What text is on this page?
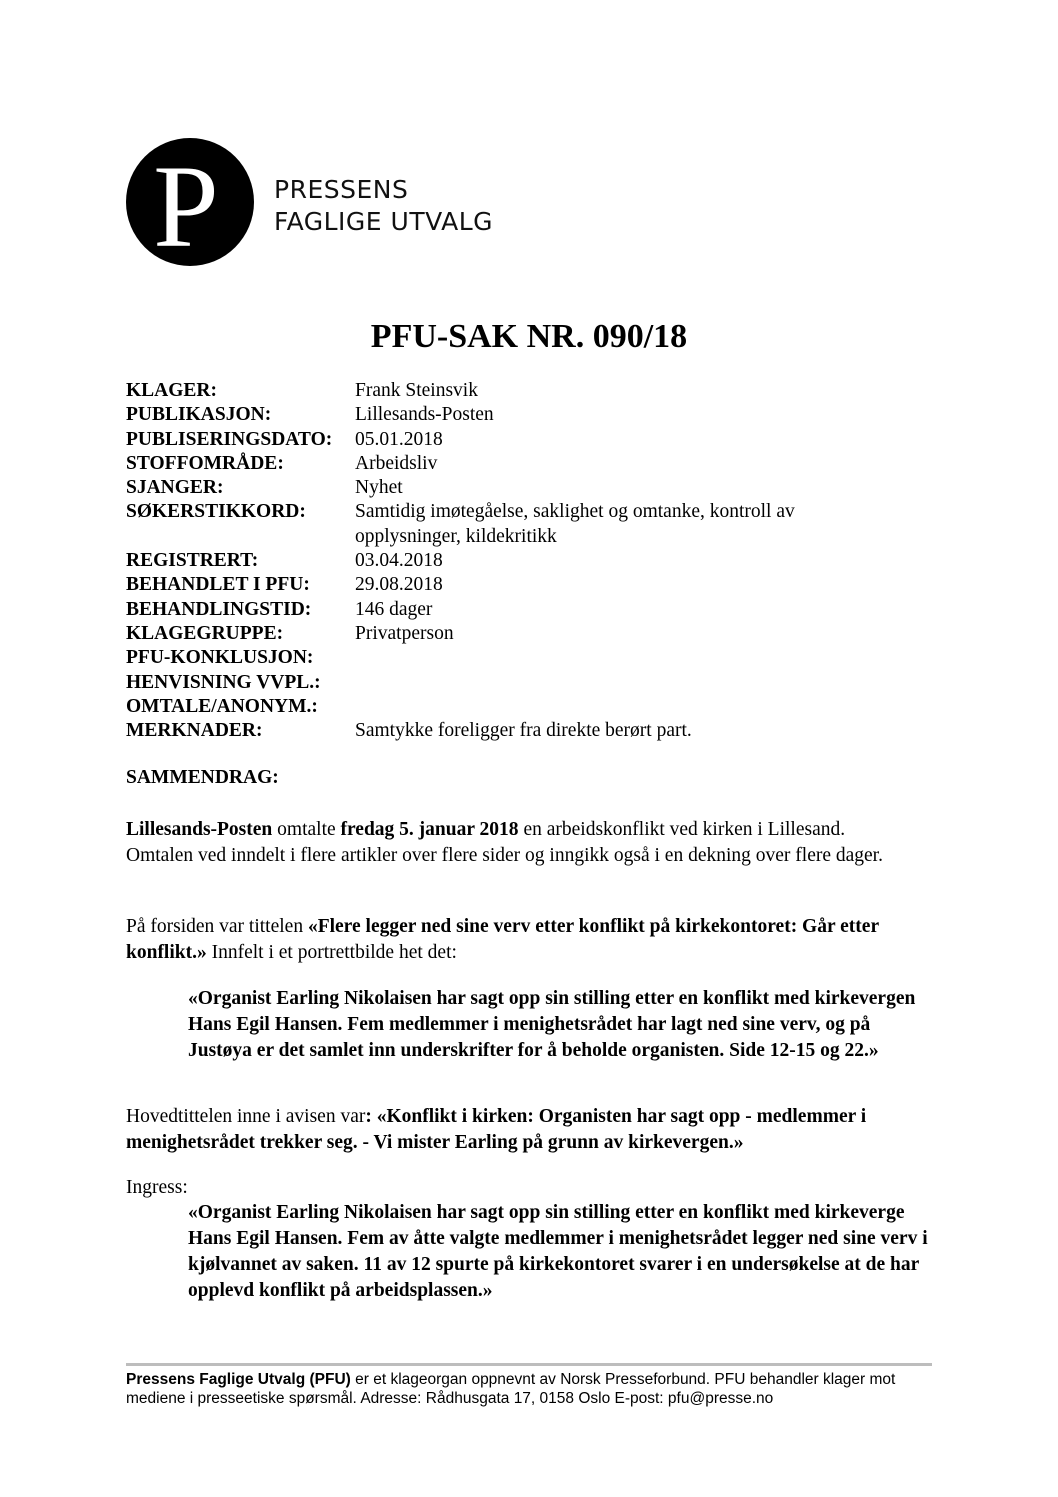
P PRESSENS
FAGLIGE UTVALG
PFU-SAK NR. 090/18
KLAGER:	Frank Steinsvik
PUBLIKASJON:	Lillesands-Posten
PUBLISERINGSDATO:	05.01.2018
STOFFOMRÅDE:	Arbeidsliv
SJANGER:	Nyhet
SØKERSTIKKORD:	Samtidig imøtegåelse, saklighet og omtanke, kontroll av opplysninger, kildekritikk
REGISTRERT:	03.04.2018
BEHANDLET I PFU:	29.08.2018
BEHANDLINGSTID:	146 dager
KLAGEGRUPPE:	Privatperson
PFU-KONKLUSJON:
HENVISNING VVPL.:
OMTALE/ANONYM.:
MERKNADER:	Samtykke foreligger fra direkte berørt part.
SAMMENDRAG:
Lillesands-Posten omtalte fredag 5. januar 2018 en arbeidskonflikt ved kirken i Lillesand. Omtalen ved inndelt i flere artikler over flere sider og inngikk også i en dekning over flere dager.
På forsiden var tittelen «Flere legger ned sine verv etter konflikt på kirkekontoret: Går etter konflikt.» Innfelt i et portrettbilde het det:
«Organist Earling Nikolaisen har sagt opp sin stilling etter en konflikt med kirkevergen Hans Egil Hansen. Fem medlemmer i menighetsrådet har lagt ned sine verv, og på Justøya er det samlet inn underskrifter for å beholde organisten. Side 12-15 og 22.»
Hovedtittelen inne i avisen var: «Konflikt i kirken: Organisten har sagt opp - medlemmer i menighetsrådet trekker seg. - Vi mister Earling på grunn av kirkevergen.»
Ingress:
«Organist Earling Nikolaisen har sagt opp sin stilling etter en konflikt med kirkeverge Hans Egil Hansen. Fem av åtte valgte medlemmer i menighetsrådet legger ned sine verv i kjølvannet av saken. 11 av 12 spurte på kirkekontoret svarer i en undersøkelse at de har opplevd konflikt på arbeidsplassen.»
Pressens Faglige Utvalg (PFU) er et klageorgan oppnevnt av Norsk Presseforbund. PFU behandler klager mot mediene i presseetiske spørsmål. Adresse: Rådhusgata 17, 0158 Oslo E-post: pfu@presse.no
